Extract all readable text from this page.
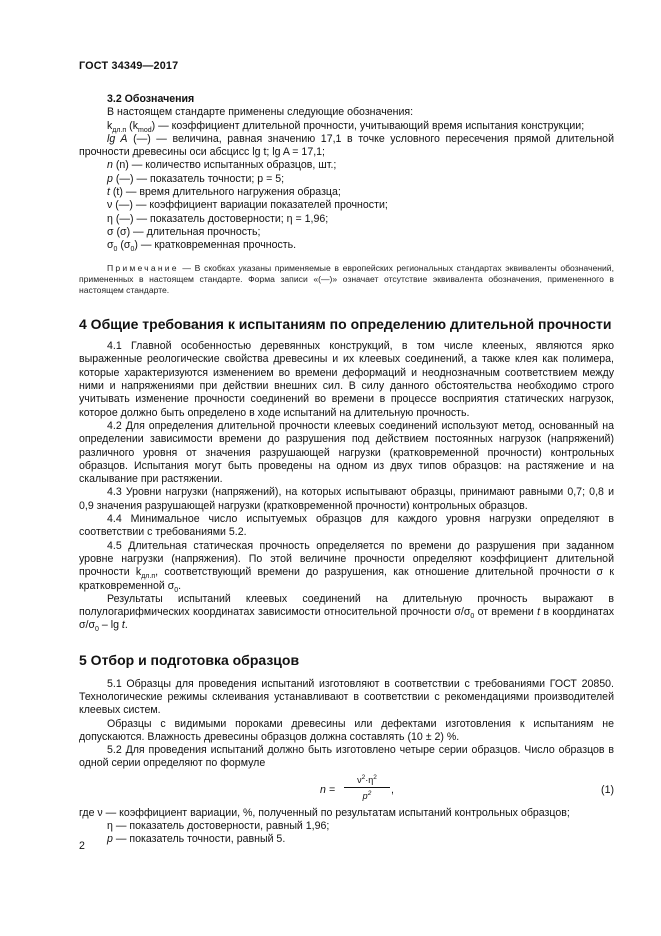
ГОСТ 34349—2017
3.2 Обозначения

В настоящем стандарте применены следующие обозначения:

$k_{дл.п}$ $(k_{mod})$ — коэффициент длительной прочности, учитывающий время испытания конструкции;

lg A (—) — величина, равная значению 17,1 в точке условного пересечения прямой длительной прочности древесины оси абсцисс lg t; lg A = 17,1;

n (n) — количество испытанных образцов, шт.;

p (—) — показатель точности; p = 5;

t (t) — время длительного нагружения образца;

ν (—) — коэффициент вариации показателей прочности;

η (—) — показатель достоверности; η = 1,96;

σ (σ) — длительная прочность;

$\sigma_0$ $(\sigma_0)$ — кратковременная прочность.

Примечание — В скобках указаны применяемые в европейских региональных стандартах эквиваленты обозначений, примененных в настоящем стандарте. Форма записи «(—)» означает отсутствие эквивалента обозначения, примененного в настоящем стандарте.

4 Общие требования к испытаниям по определению длительной прочности

4.1 Главной особенностью деревянных конструкций, в том числе клееных, являются ярко выраженные реологические свойства древесины и их клеевых соединений, а также клея как полимера, которые характеризуются изменением во времени деформаций и неоднозначным соответствием между ними и напряжениями при действии внешних сил. В силу данного обстоятельства необходимо строго учитывать изменение прочности соединений во времени в процессе восприятия статических нагрузок, которое должно быть определено в ходе испытаний на длительную прочность.

4.2 Для определения длительной прочности клеевых соединений используют метод, основанный на определении зависимости времени до разрушения под действием постоянных нагрузок (напряжений) различного уровня от значения разрушающей нагрузки (кратковременной прочности) контрольных образцов. Испытания могут быть проведены на одном из двух типов образцов: на растяжение и на скалывание при растяжении.

4.3 Уровни нагрузки (напряжений), на которых испытывают образцы, принимают равными 0,7; 0,8 и 0,9 значения разрушающей нагрузки (кратковременной прочности) контрольных образцов.

4.4 Минимальное число испытуемых образцов для каждого уровня нагрузки определяют в соответствии с требованиями 5.2.

4.5 Длительная статическая прочность определяется по времени до разрушения при заданном уровне нагрузки (напряжения). По этой величине прочности определяют коэффициент длительной прочности $k_{дл.п}$, соответствующий времени до разрушения, как отношение длительной прочности σ к кратковременной $\sigma_0$.

Результаты испытаний клеевых соединений на длительную прочность выражают в полулогарифмических координатах зависимости относительной прочности $\sigma/\sigma_0$ от времени t в координатах $\sigma/\sigma_0$ – lg t.

5 Отбор и подготовка образцов

5.1 Образцы для проведения испытаний изготовляют в соответствии с требованиями ГОСТ 20850. Технологические режимы склеивания устанавливают в соответствии с рекомендациями производителей клеевых систем.

Образцы с видимыми пороками древесины или дефектами изготовления к испытаниям не допускаются. Влажность древесины образцов должна составлять (10 ± 2) %.

5.2 Для проведения испытаний должно быть изготовлено четыре серии образцов. Число образцов в одной серии определяют по формуле

$n = \frac{\nu^2\cdot\eta^2}{p^2}$ ,	(1)

где ν — коэффициент вариации, %, полученный по результатам испытаний контрольных образцов;

η — показатель достоверности, равный 1,96;

p — показатель точности, равный 5.

2
